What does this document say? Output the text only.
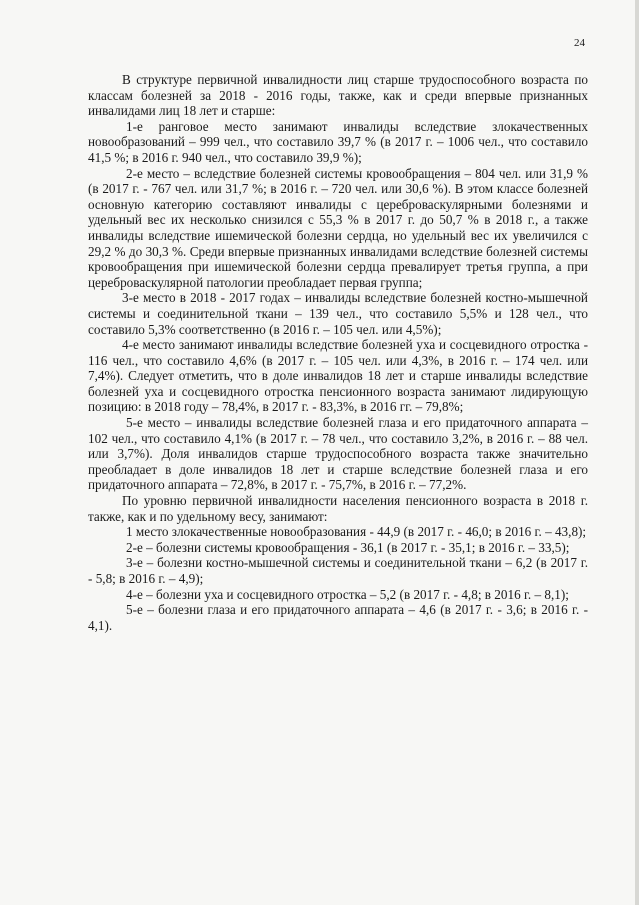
24

В структуре первичной инвалидности лиц старше трудоспособного возраста по классам болезней за 2018 - 2016 годы, также, как и среди впервые признанных инвалидами лиц 18 лет и старше:

1-е ранговое место занимают инвалиды вследствие злокачественных новообразований – 999 чел., что составило 39,7 % (в 2017 г. – 1006 чел., что составило 41,5 %; в 2016 г. 940 чел., что составило 39,9 %);

2-е место – вследствие болезней системы кровообращения – 804 чел. или 31,9 % (в 2017 г. - 767 чел. или 31,7 %; в 2016 г. – 720 чел. или 30,6 %). В этом классе болезней основную категорию составляют инвалиды с цереброваскулярными болезнями и удельный вес их несколько снизился с 55,3 % в 2017 г. до 50,7 % в 2018 г., а также инвалиды вследствие ишемической болезни сердца, но удельный вес их увеличился с 29,2 % до 30,3 %. Среди впервые признанных инвалидами вследствие болезней системы кровообращения при ишемической болезни сердца превалирует третья группа, а при цереброваскулярной патологии преобладает первая группа;

3-е место в 2018 - 2017 годах – инвалиды вследствие болезней костно-мышечной системы и соединительной ткани – 139 чел., что составило 5,5% и 128 чел., что составило 5,3% соответственно (в 2016 г. – 105 чел. или 4,5%);

4-е место занимают инвалиды вследствие болезней уха и сосцевидного отростка - 116 чел., что составило 4,6% (в 2017 г. – 105 чел. или 4,3%, в 2016 г. – 174 чел. или 7,4%). Следует отметить, что в доле инвалидов 18 лет и старше инвалиды вследствие болезней уха и сосцевидного отростка пенсионного возраста занимают лидирующую позицию: в 2018 году – 78,4%, в 2017 г. - 83,3%, в 2016 гг. – 79,8%;

5-е место – инвалиды вследствие болезней глаза и его придаточного аппарата – 102 чел., что составило 4,1% (в 2017 г. – 78 чел., что составило 3,2%, в 2016 г. – 88 чел. или 3,7%). Доля инвалидов старше трудоспособного возраста также значительно преобладает в доле инвалидов 18 лет и старше вследствие болезней глаза и его придаточного аппарата – 72,8%, в 2017 г. - 75,7%, в 2016 г. – 77,2%.

По уровню первичной инвалидности населения пенсионного возраста в 2018 г. также, как и по удельному весу, занимают:

1 место злокачественные новообразования - 44,9 (в 2017 г. - 46,0; в 2016 г. – 43,8);

2-е – болезни системы кровообращения - 36,1 (в 2017 г. - 35,1; в 2016 г. – 33,5);

3-е – болезни костно-мышечной системы и соединительной ткани – 6,2 (в 2017 г. - 5,8; в 2016 г. – 4,9);

4-е – болезни уха и сосцевидного отростка – 5,2 (в 2017 г. - 4,8; в 2016 г. – 8,1);

5-е – болезни глаза и его придаточного аппарата – 4,6 (в 2017 г. - 3,6; в 2016 г. - 4,1).
